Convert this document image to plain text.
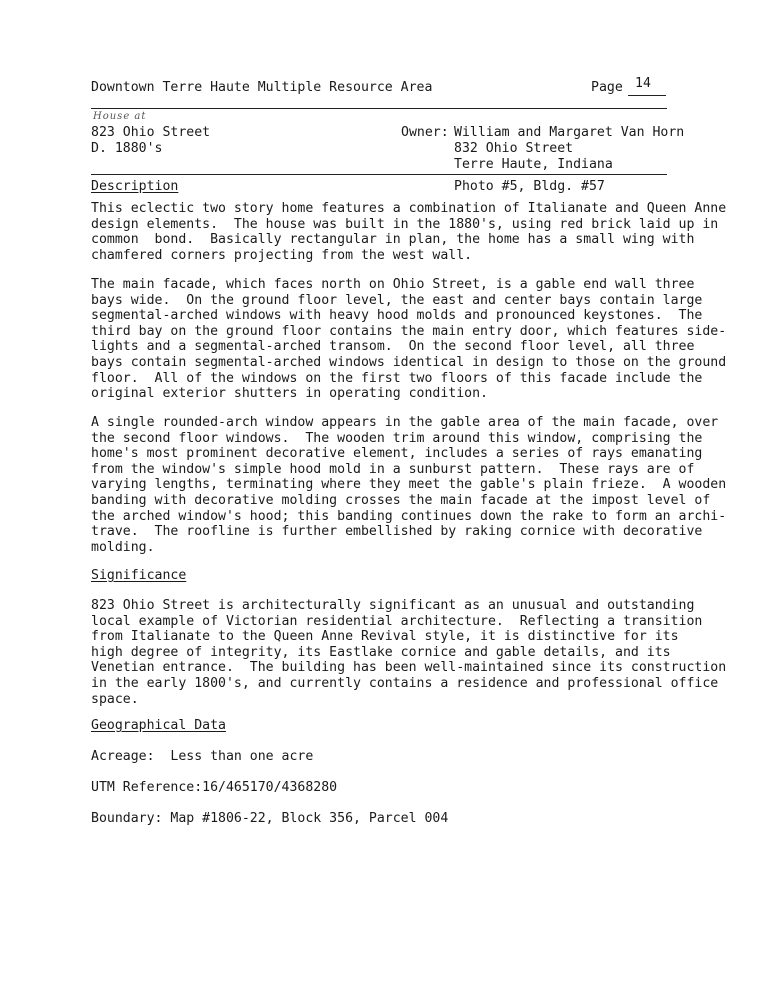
Downtown Terre Haute Multiple Resource Area	Page 14
House at
823 Ohio Street
D. 1880's
Owner: William and Margaret Van Horn
832 Ohio Street
Terre Haute, Indiana
Description	Photo #5, Bldg. #57
This eclectic two story home features a combination of Italianate and Queen Anne
design elements.  The house was built in the 1880's, using red brick laid up in
common  bond.  Basically rectangular in plan, the home has a small wing with
chamfered corners projecting from the west wall.
The main facade, which faces north on Ohio Street, is a gable end wall three
bays wide.  On the ground floor level, the east and center bays contain large
segmental-arched windows with heavy hood molds and pronounced keystones.  The
third bay on the ground floor contains the main entry door, which features side-
lights and a segmental-arched transom.  On the second floor level, all three
bays contain segmental-arched windows identical in design to those on the ground
floor.  All of the windows on the first two floors of this facade include the
original exterior shutters in operating condition.
A single rounded-arch window appears in the gable area of the main facade, over
the second floor windows.  The wooden trim around this window, comprising the
home's most prominent decorative element, includes a series of rays emanating
from the window's simple hood mold in a sunburst pattern.  These rays are of
varying lengths, terminating where they meet the gable's plain frieze.  A wooden
banding with decorative molding crosses the main facade at the impost level of
the arched window's hood; this banding continues down the rake to form an archi-
trave.  The roofline is further embellished by raking cornice with decorative
molding.
Significance
823 Ohio Street is architecturally significant as an unusual and outstanding
local example of Victorian residential architecture.  Reflecting a transition
from Italianate to the Queen Anne Revival style, it is distinctive for its
high degree of integrity, its Eastlake cornice and gable details, and its
Venetian entrance.  The building has been well-maintained since its construction
in the early 1800's, and currently contains a residence and professional office
space.
Geographical Data
Acreage:  Less than one acre
UTM Reference:16/465170/4368280
Boundary: Map #1806-22, Block 356, Parcel 004
